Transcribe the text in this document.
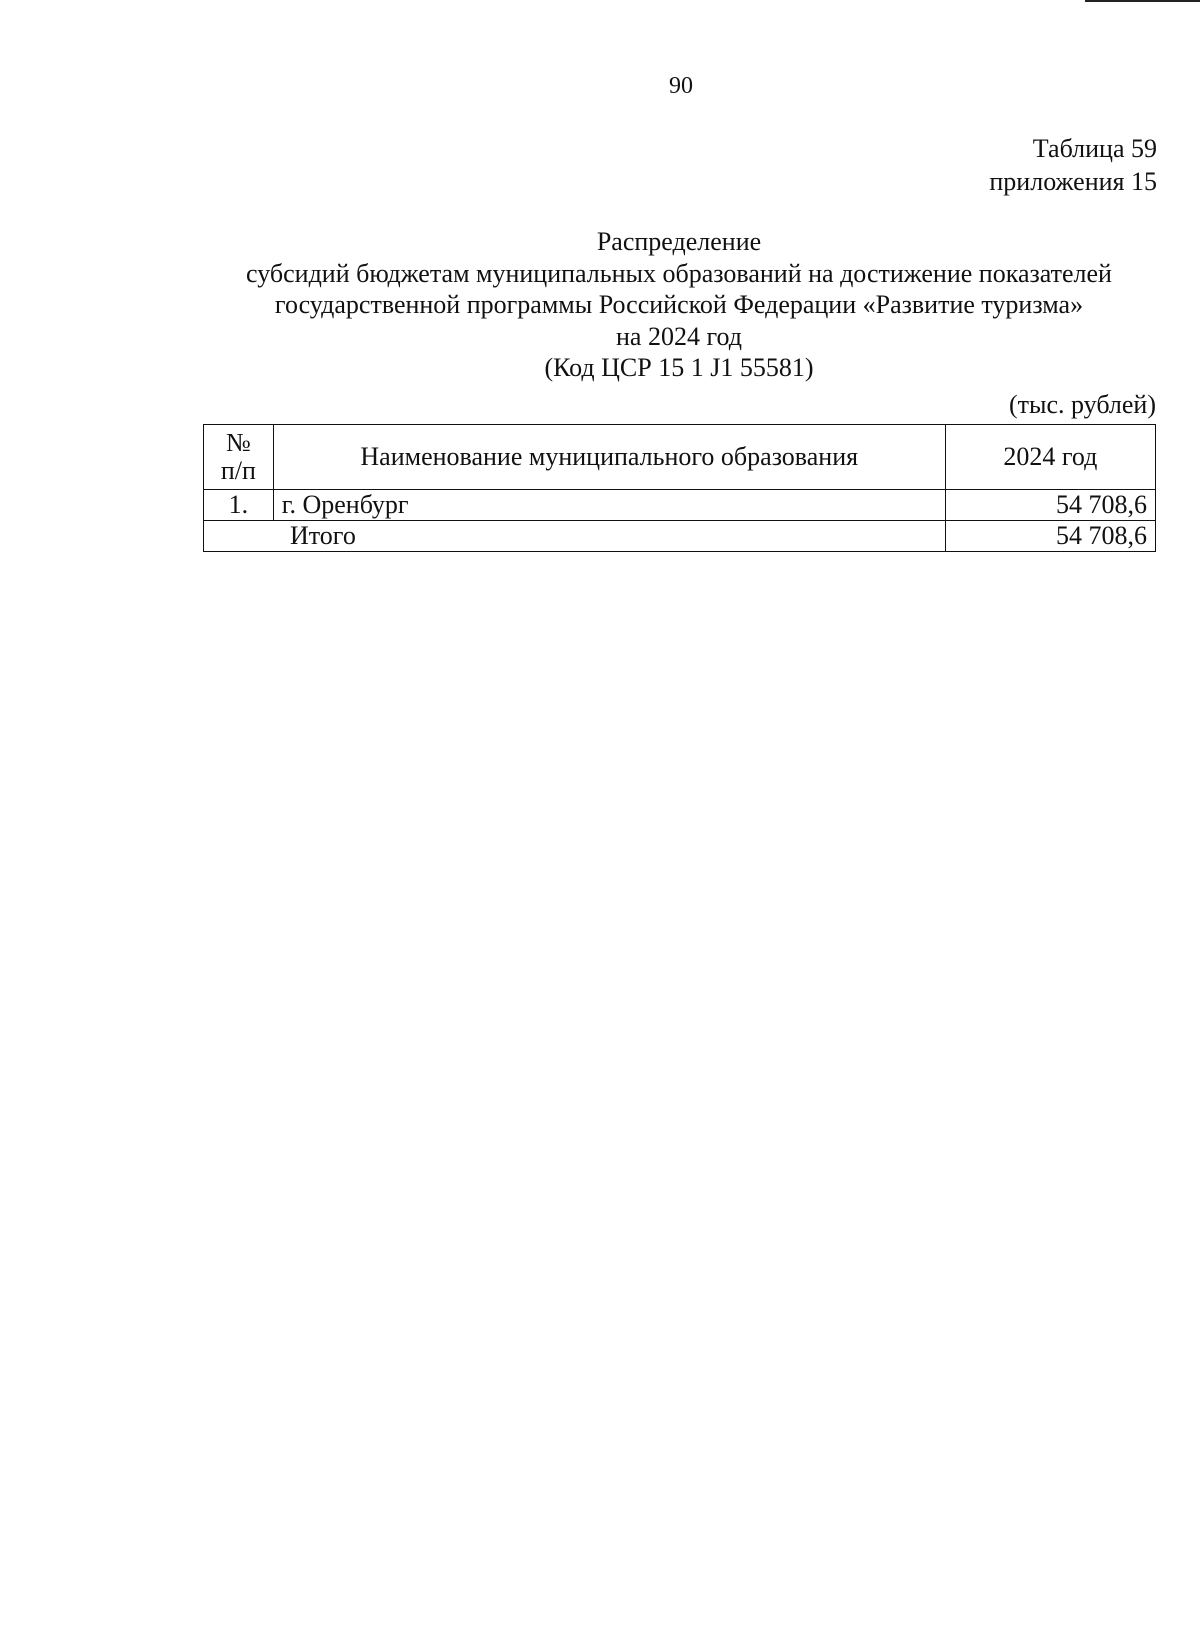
90
Таблица 59
приложения 15
Распределение
субсидий бюджетам муниципальных образований на достижение показателей
государственной программы Российской Федерации «Развитие туризма»
на 2024 год
(Код ЦСР 15 1 J1 55581)
(тыс. рублей)
№
п/п	Наименование муниципального образования	2024 год
1.	г. Оренбург	54 708,6
Итого		54 708,6
